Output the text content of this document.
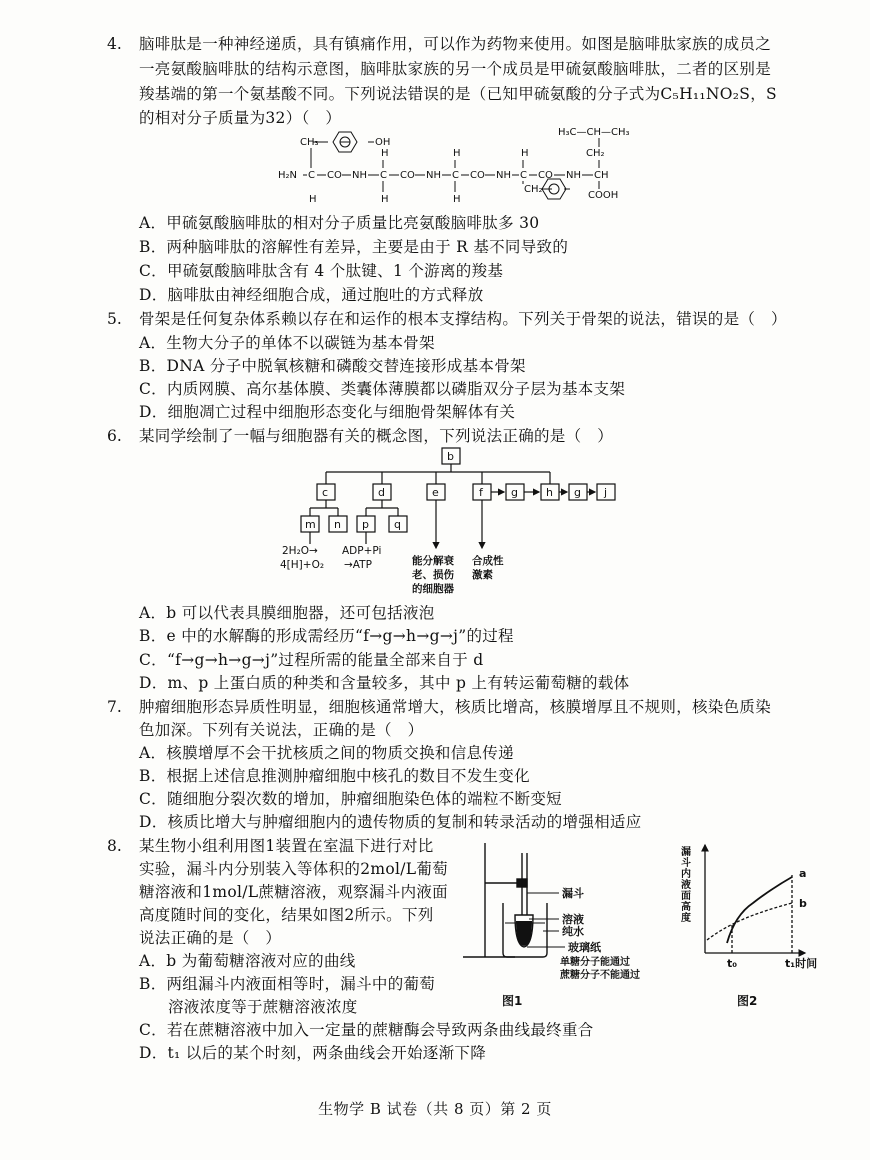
4. 脑啡肽是一种神经递质，具有镇痛作用，可以作为药物来使用。如图是脑啡肽家族的成员之
一亮氨酸脑啡肽的结构示意图，脑啡肽家族的另一个成员是甲硫氨酸脑啡肽，二者的区别是
羧基端的第一个氨基酸不同。下列说法错误的是（已知甲硫氨酸的分子式为C₅H₁₁NO₂S，S
的相对分子质量为32）（　）
CH₃	OH
H₂N C CO NH C CO NH C CO NH C CO NH CH
H
H
H
H
H
H	CH₂
H₃C—CH—CH₃
CH₂
COOH
A．甲硫氨酸脑啡肽的相对分子质量比亮氨酸脑啡肽多 30
B．两种脑啡肽的溶解性有差异，主要是由于 R 基不同导致的
C．甲硫氨酸脑啡肽含有 4 个肽键、1 个游离的羧基
D．脑啡肽由神经细胞合成，通过胞吐的方式释放
5. 骨架是任何复杂体系赖以存在和运作的根本支撑结构。下列关于骨架的说法，错误的是（　）
A．生物大分子的单体不以碳链为基本骨架
B．DNA 分子中脱氧核糖和磷酸交替连接形成基本骨架
C．内质网膜、高尔基体膜、类囊体薄膜都以磷脂双分子层为基本支架
D．细胞凋亡过程中细胞形态变化与细胞骨架解体有关
6. 某同学绘制了一幅与细胞器有关的概念图，下列说法正确的是（　）
b
c	d	e	f	g	h g j
m n p q
2H₂O→
4[H]+O₂
ADP+Pi
→ATP	能分解衰
老、损伤
的细胞器
合成性
激素
A．b 可以代表具膜细胞器，还可包括液泡
B．e 中的水解酶的形成需经历“f→g→h→g→j”的过程
C．“f→g→h→g→j”过程所需的能量全部来自于 d
D．m、p 上蛋白质的种类和含量较多，其中 p 上有转运葡萄糖的载体
7. 肿瘤细胞形态异质性明显，细胞核通常增大，核质比增高，核膜增厚且不规则，核染色质染
色加深。下列有关说法，正确的是（　）
A．核膜增厚不会干扰核质之间的物质交换和信息传递
B．根据上述信息推测肿瘤细胞中核孔的数目不发生变化
C．随细胞分裂次数的增加，肿瘤细胞染色体的端粒不断变短
D．核质比增大与肿瘤细胞内的遗传物质的复制和转录活动的增强相适应
8. 某生物小组利用图1装置在室温下进行对比
实验，漏斗内分别装入等体积的2mol/L葡萄
糖溶液和1mol/L蔗糖溶液，观察漏斗内液面
高度随时间的变化，结果如图2所示。下列
说法正确的是（　）
A．b 为葡萄糖溶液对应的曲线
B．两组漏斗内液面相等时，漏斗中的葡萄
溶液浓度等于蔗糖溶液浓度
C．若在蔗糖溶液中加入一定量的蔗糖酶会导致两条曲线最终重合
D．t₁ 以后的某个时刻，两条曲线会开始逐渐下降
漏斗
溶液
纯水
玻璃纸
单糖分子能通过
蔗糖分子不能通过
图1
漏
斗
内
液
面
高
度
a
b
t₀	t₁时间
图2
生物学 B 试卷（共 8 页）第 2 页
